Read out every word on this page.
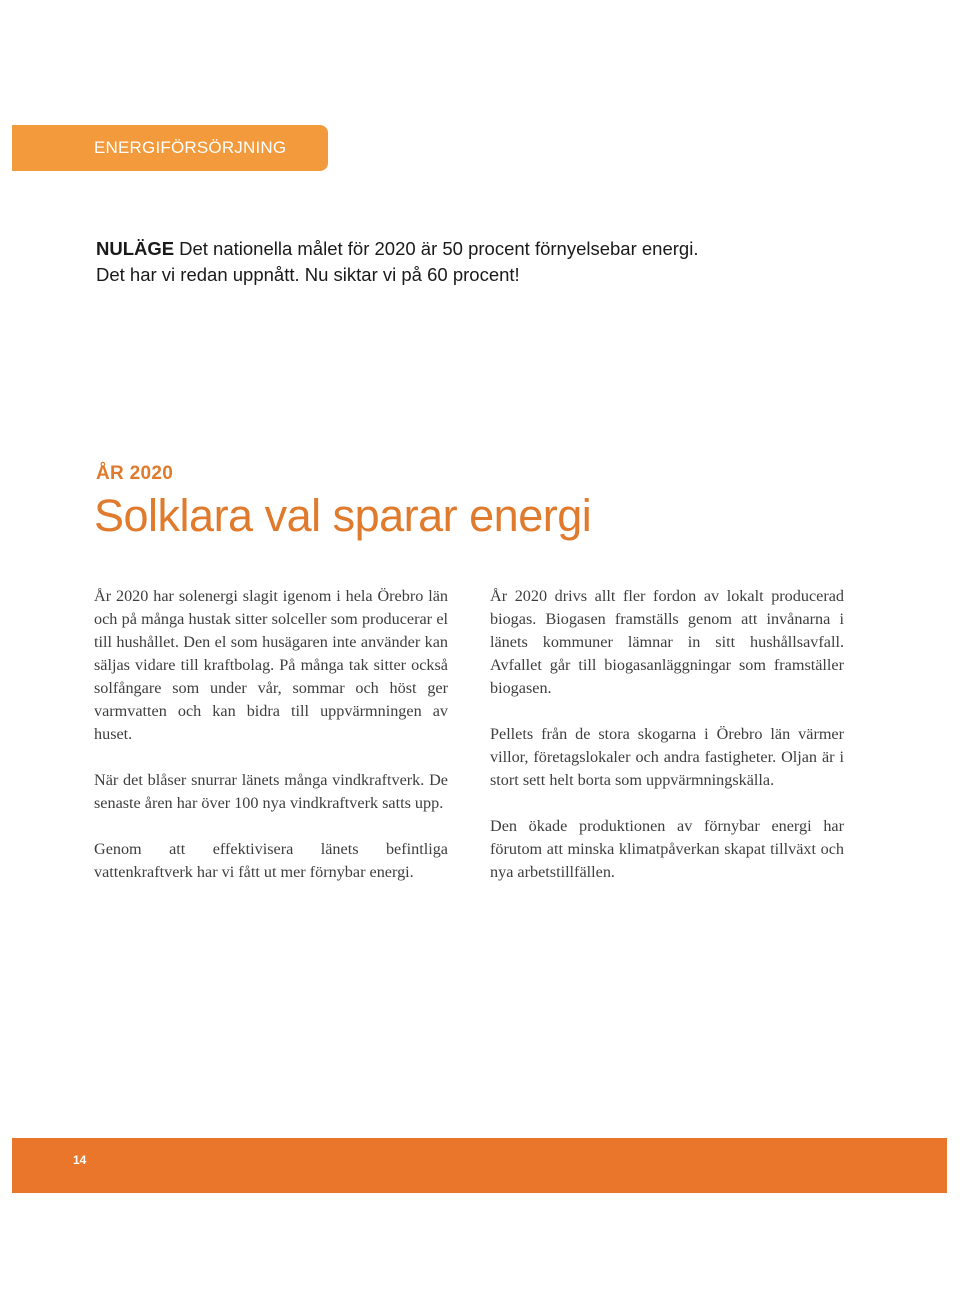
ENERGIFÖRSÖRJNING
NULÄGE Det nationella målet för 2020 är 50 procent förnyelsebar energi.
Det har vi redan uppnått. Nu siktar vi på 60 procent!
ÅR 2020
Solklara val sparar energi

År 2020 har solenergi slagit igenom i hela Örebro län och på många hustak sitter solceller som producerar el till hushållet. Den el som husägaren inte använder kan säljas vidare till kraftbolag. På många tak sitter också solfångare som under vår, sommar och höst ger varmvatten och kan bidra till uppvärmningen av huset.

När det blåser snurrar länets många vindkraftverk. De senaste åren har över 100 nya vindkraftverk satts upp.

Genom att effektivisera länets befintliga vattenkraftverk har vi fått ut mer förnybar energi.

År 2020 drivs allt fler fordon av lokalt producerad biogas. Biogasen framställs genom att invånarna i länets kommuner lämnar in sitt hushållsavfall. Avfallet går till biogasanläggningar som framställer biogasen.

Pellets från de stora skogarna i Örebro län värmer villor, företagslokaler och andra fastigheter. Oljan är i stort sett helt borta som uppvärmningskälla.

Den ökade produktionen av förnybar energi har förutom att minska klimatpåverkan skapat tillväxt och nya arbetstillfällen.

14
